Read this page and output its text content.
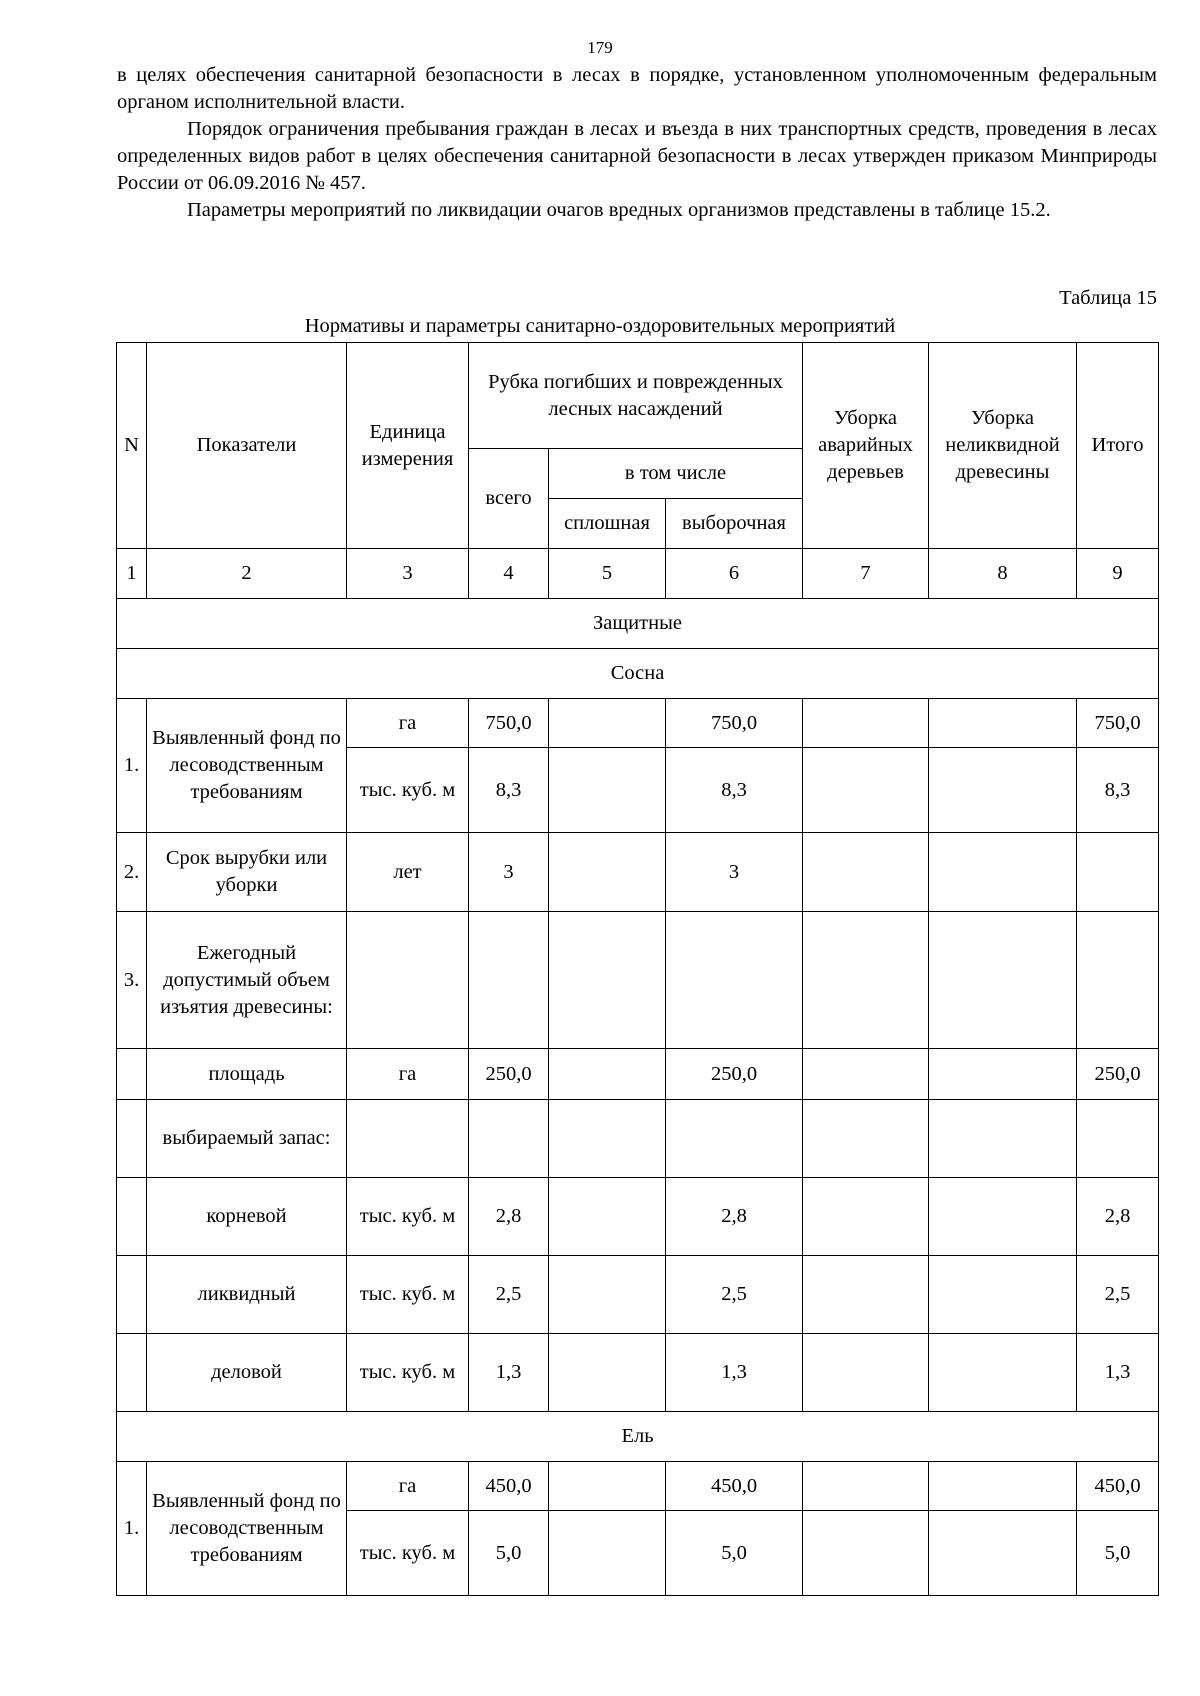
179

в целях обеспечения санитарной безопасности в лесах в порядке, установленном уполномоченным федеральным органом исполнительной власти.

Порядок ограничения пребывания граждан в лесах и въезда в них транспортных средств, проведения в лесах определенных видов работ в целях обеспечения санитарной безопасности в лесах утвержден приказом Минприроды России от 06.09.2016 № 457.

Параметры мероприятий по ликвидации очагов вредных организмов представлены в таблице 15.2.

Таблица 15
Нормативы и параметры санитарно-оздоровительных мероприятий
N	Показатели	Единица измерения	Рубка погибших и поврежденных лесных насаждений			Уборка аварийных деревьев	Уборка неликвидной древесины	Итого
			всего	в том числе				
				сплошная	выборочная			
1	2	3	4	5	6	7	8	9
Защитные								
Сосна								
1.	Выявленный фонд по лесоводственным требованиям	га	750,0		750,0			750,0
		тыс. куб. м	8,3		8,3			8,3
2.	Срок вырубки или уборки	лет	3		3			
3.	Ежегодный допустимый объем изъятия древесины:							
	площадь	га	250,0		250,0			250,0
	выбираемый запас:							
	корневой	тыс. куб. м	2,8		2,8			2,8
	ликвидный	тыс. куб. м	2,5		2,5			2,5
	деловой	тыс. куб. м	1,3		1,3			1,3
Ель								
1.	Выявленный фонд по лесоводственным требованиям	га	450,0		450,0			450,0
		тыс. куб. м	5,0		5,0			5,0
